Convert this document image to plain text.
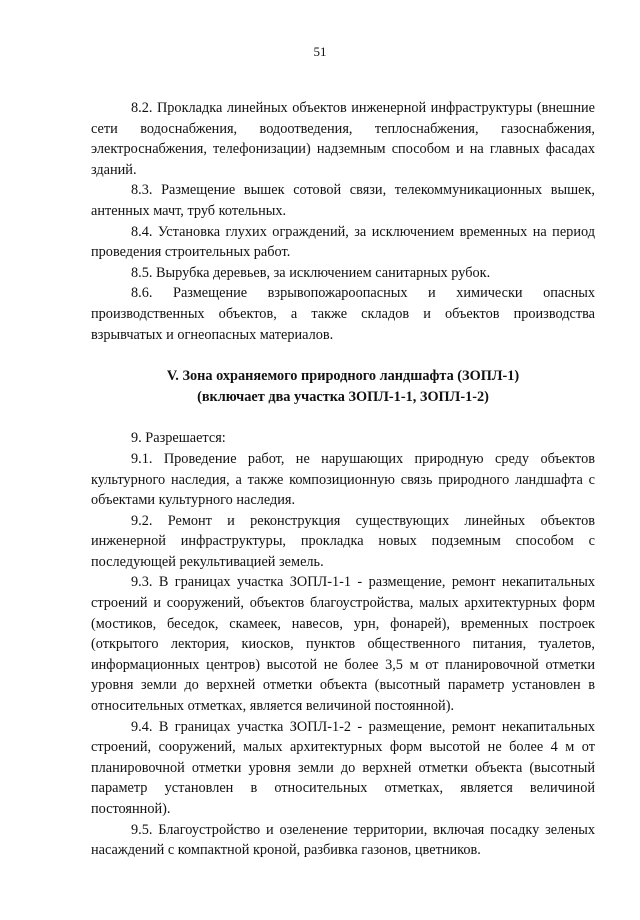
51

8.2. Прокладка линейных объектов инженерной инфраструктуры (внешние сети водоснабжения, водоотведения, теплоснабжения, газоснабжения, электроснабжения, телефонизации) надземным способом и на главных фасадах зданий.

8.3. Размещение вышек сотовой связи, телекоммуникационных вышек, антенных мачт, труб котельных.

8.4. Установка глухих ограждений, за исключением временных на период проведения строительных работ.

8.5. Вырубка деревьев, за исключением санитарных рубок.

8.6. Размещение взрывопожароопасных и химически опасных производственных объектов, а также складов и объектов производства взрывчатых и огнеопасных материалов.

V. Зона охраняемого природного ландшафта (ЗОПЛ-1)

(включает два участка ЗОПЛ-1-1, ЗОПЛ-1-2)

9. Разрешается:

9.1. Проведение работ, не нарушающих природную среду объектов культурного наследия, а также композиционную связь природного ландшафта с объектами культурного наследия.

9.2. Ремонт и реконструкция существующих линейных объектов инженерной инфраструктуры, прокладка новых подземным способом с последующей рекультивацией земель.

9.3. В границах участка ЗОПЛ-1-1 - размещение, ремонт некапитальных строений и сооружений, объектов благоустройства, малых архитектурных форм (мостиков, беседок, скамеек, навесов, урн, фонарей), временных построек (открытого лектория, киосков, пунктов общественного питания, туалетов, информационных центров) высотой не более 3,5 м от планировочной отметки уровня земли до верхней отметки объекта (высотный параметр установлен в относительных отметках, является величиной постоянной).

9.4. В границах участка ЗОПЛ-1-2 - размещение, ремонт некапитальных строений, сооружений, малых архитектурных форм высотой не более 4 м от планировочной отметки уровня земли до верхней отметки объекта (высотный параметр установлен в относительных отметках, является величиной постоянной).

9.5. Благоустройство и озеленение территории, включая посадку зеленых насаждений с компактной кроной, разбивка газонов, цветников.
